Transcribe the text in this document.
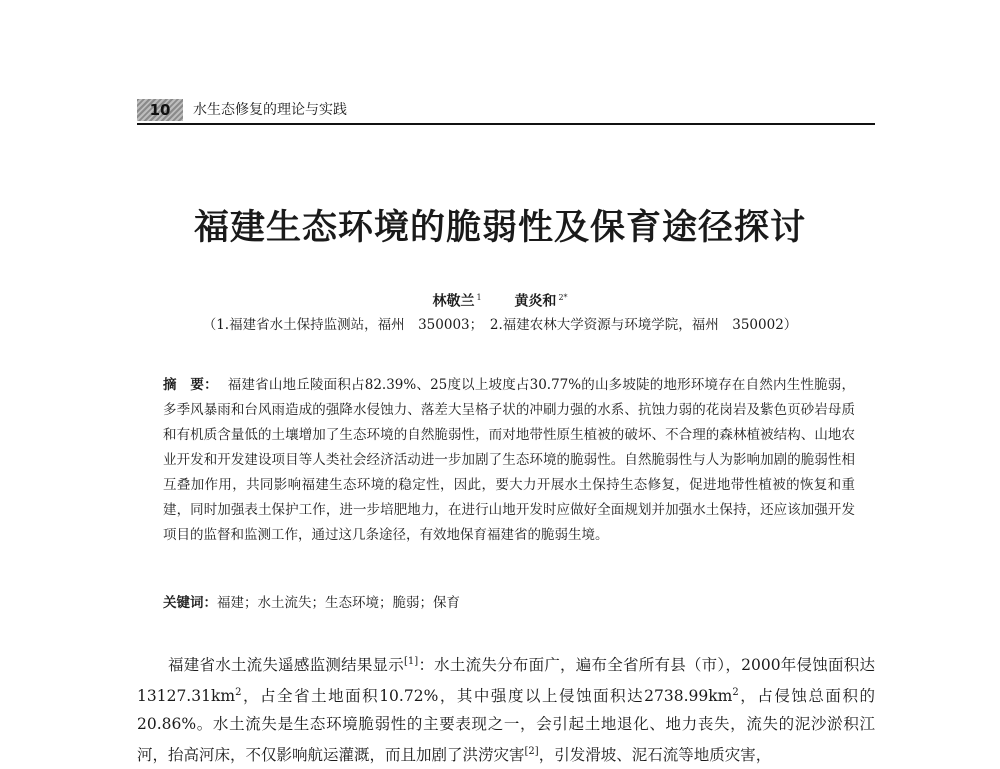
10	水生态修复的理论与实践
福建生态环境的脆弱性及保育途径探讨
林敬兰 $^1$ 黄炎和 $^{2*}$
（1.福建省水土保持监测站，福州　350003；　2.福建农林大学资源与环境学院，福州　350002）
摘　要： 福建省山地丘陵面积占82.39%、25度以上坡度占30.77%的山多坡陡的地形环境存在自然内生性脆弱，多季风暴雨和台风雨造成的强降水侵蚀力、落差大呈格子状的冲刷力强的水系、抗蚀力弱的花岗岩及紫色页砂岩母质和有机质含量低的土壤增加了生态环境的自然脆弱性，而对地带性原生植被的破坏、不合理的森林植被结构、山地农业开发和开发建设项目等人类社会经济活动进一步加剧了生态环境的脆弱性。自然脆弱性与人为影响加剧的脆弱性相互叠加作用，共同影响福建生态环境的稳定性，因此，要大力开展水土保持生态修复，促进地带性植被的恢复和重建，同时加强表土保护工作，进一步培肥地力，在进行山地开发时应做好全面规划并加强水土保持，还应该加强开发项目的监督和监测工作，通过这几条途径，有效地保育福建省的脆弱生境。
关键词：福建；水土流失；生态环境；脆弱；保育
福建省水土流失遥感监测结果显示[1]：水土流失分布面广，遍布全省所有县（市），2000年侵蚀面积达$13127.31km^2$，占全省土地面积10.72%，其中强度以上侵蚀面积达$2738.99km^2$，占侵蚀总面积的20.86%。水土流失是生态环境脆弱性的主要表现之一，会引起土地退化、地力丧失，流失的泥沙淤积江河，抬高河床，不仅影响航运灌溉，而且加剧了洪涝灾害[2]，引发滑坡、泥石流等地质灾害，
